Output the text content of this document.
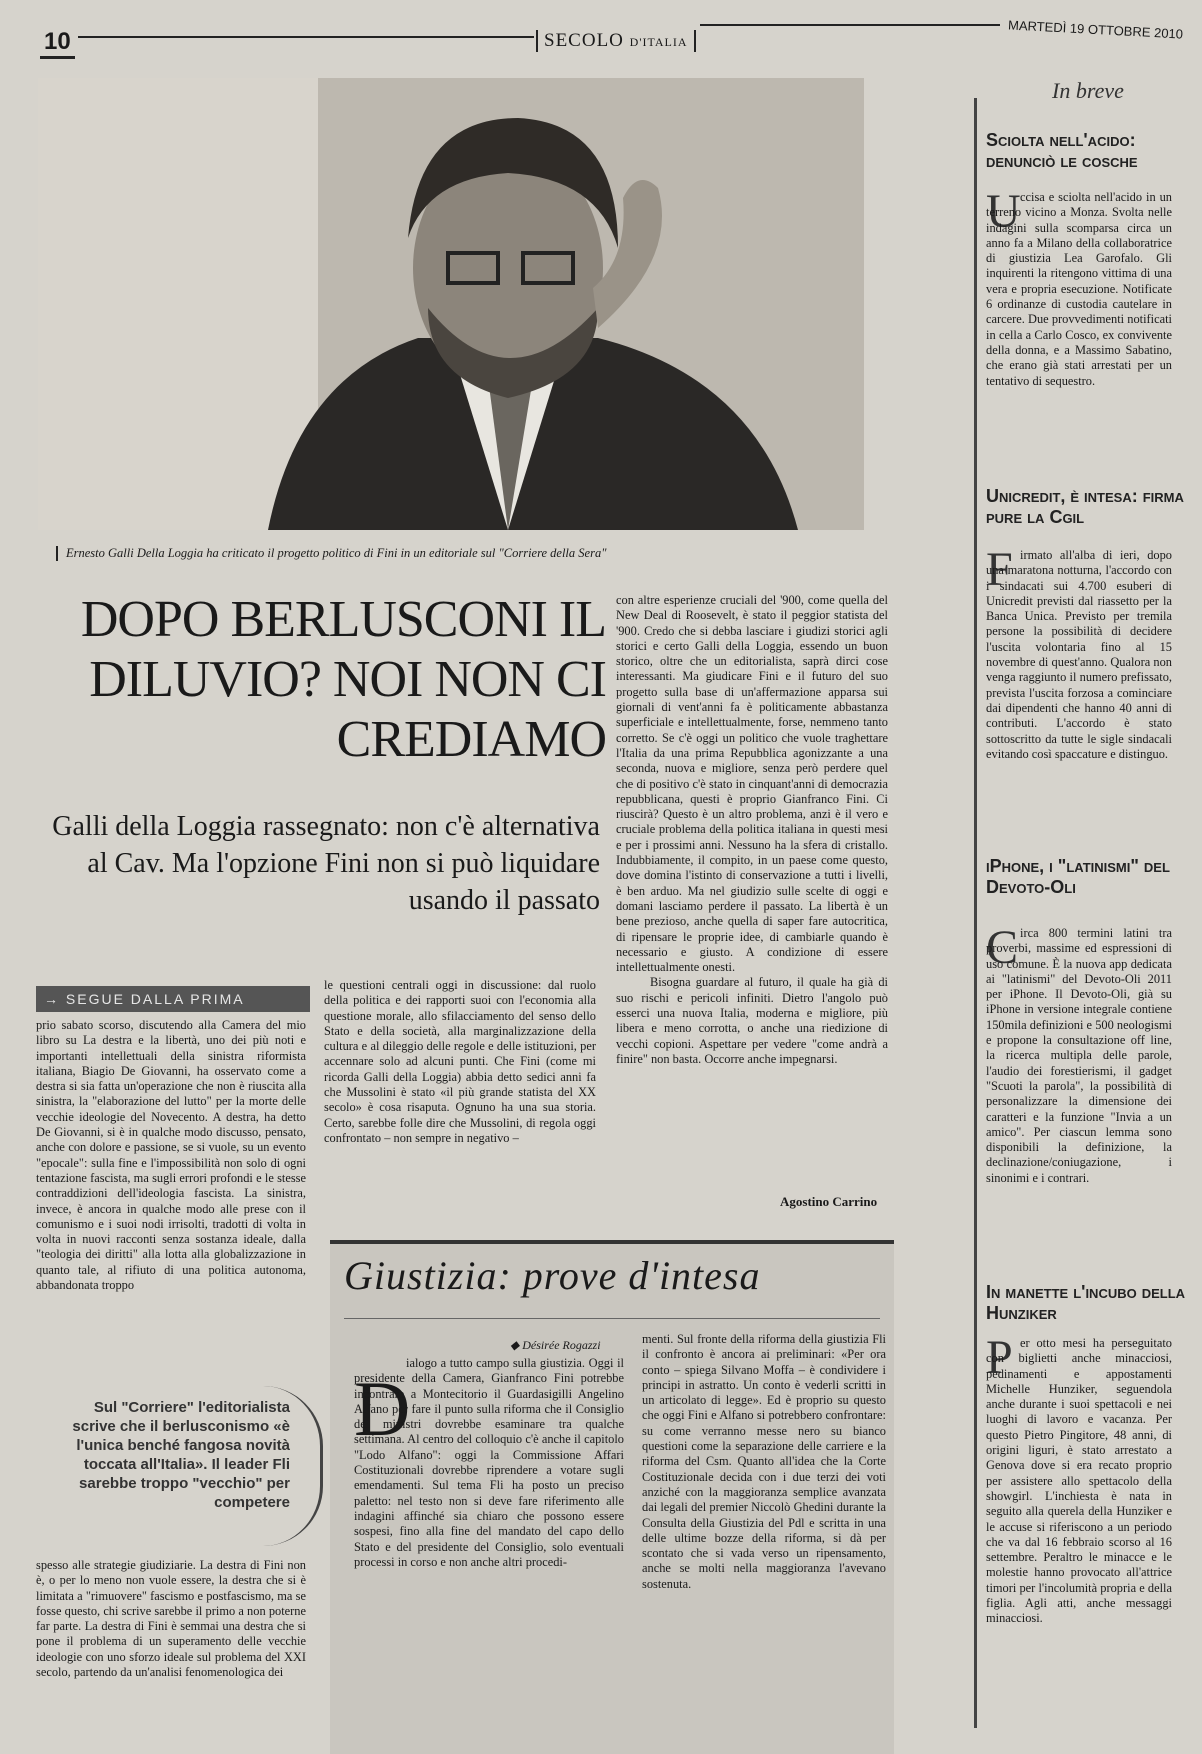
10	SECOLO D'ITALIA
MARTEDÌ 19 OTTOBRE 2010
Ernesto Galli Della Loggia ha criticato il progetto politico di Fini in un editoriale sul "Corriere della Sera"
DOPO BERLUSCONI IL DILUVIO? NOI NON CI CREDIAMO
Galli della Loggia rassegnato: non c'è alternativa al Cav. Ma l'opzione Fini non si può liquidare usando il passato
→ SEGUE DALLA PRIMA
prio sabato scorso, discutendo alla Camera del mio libro su La destra e la libertà, uno dei più noti e importanti intellettuali della sinistra riformista italiana, Biagio De Giovanni, ha osservato come a destra si sia fatta un'operazione che non è riuscita alla sinistra, la "elaborazione del lutto" per la morte delle vecchie ideologie del Novecento. A destra, ha detto De Giovanni, si è in qualche modo discusso, pensato, anche con dolore e passione, se si vuole, su un evento "epocale": sulla fine e l'impossibilità non solo di ogni tentazione fascista, ma sugli errori profondi e le stesse contraddizioni dell'ideologia fascista. La sinistra, invece, è ancora in qualche modo alle prese con il comunismo e i suoi nodi irrisolti, tradotti di volta in volta in nuovi racconti senza sostanza ideale, dalla "teologia dei diritti" alla lotta alla globalizzazione in quanto tale, al rifiuto di una politica autonoma, abbandonata troppo
Sul "Corriere" l'editorialista scrive che il berlusconismo «è l'unica benché fangosa novità toccata all'Italia». Il leader Fli sarebbe troppo "vecchio" per competere
spesso alle strategie giudiziarie. La destra di Fini non è, o per lo meno non vuole essere, la destra che si è limitata a "rimuovere" fascismo e postfascismo, ma se fosse questo, chi scrive sarebbe il primo a non poterne far parte. La destra di Fini è semmai una destra che si pone il problema di un superamento delle vecchie ideologie con uno sforzo ideale sul problema del XXI secolo, partendo da un'analisi fenomenologica dei
le questioni centrali oggi in discussione: dal ruolo della politica e dei rapporti suoi con l'economia alla questione morale, allo sfilacciamento del senso dello Stato e della società, alla marginalizzazione della cultura e al dileggio delle regole e delle istituzioni, per accennare solo ad alcuni punti. Che Fini (come mi ricorda Galli della Loggia) abbia detto sedici anni fa che Mussolini è stato «il più grande statista del XX secolo» è cosa risaputa. Ognuno ha una sua storia. Certo, sarebbe folle dire che Mussolini, di regola oggi confrontato – non sempre in negativo –
con altre esperienze cruciali del '900, come quella del New Deal di Roosevelt, è stato il peggior statista del '900. Credo che si debba lasciare i giudizi storici agli storici e certo Galli della Loggia, essendo un buon storico, oltre che un editorialista, saprà dirci cose interessanti. Ma giudicare Fini e il futuro del suo progetto sulla base di un'affermazione apparsa sui giornali di vent'anni fa è politicamente abbastanza superficiale e intellettualmente, forse, nemmeno tanto corretto. Se c'è oggi un politico che vuole traghettare l'Italia da una prima Repubblica agonizzante a una seconda, nuova e migliore, senza però perdere quel che di positivo c'è stato in cinquant'anni di democrazia repubblicana, questi è proprio Gianfranco Fini. Ci riuscirà? Questo è un altro problema, anzi è il vero e cruciale problema della politica italiana in questi mesi e per i prossimi anni. Nessuno ha la sfera di cristallo. Indubbiamente, il compito, in un paese come questo, dove domina l'istinto di conservazione a tutti i livelli, è ben arduo. Ma nel giudizio sulle scelte di oggi e domani lasciamo perdere il passato. La libertà è un bene prezioso, anche quella di saper fare autocritica, di ripensare le proprie idee, di cambiarle quando è necessario e giusto. A condizione di essere intellettualmente onesti.
Bisogna guardare al futuro, il quale ha già di suo rischi e pericoli infiniti. Dietro l'angolo può esserci una nuova Italia, moderna e migliore, più libera e meno corrotta, o anche una riedizione di vecchi copioni. Aspettare per vedere "come andrà a finire" non basta. Occorre anche impegnarsi.
Agostino Carrino
Giustizia: prove d'intesa
◆ Désirée Rogazzi
D
ialogo a tutto campo sulla giustizia. Oggi il presidente della Camera, Gianfranco Fini potrebbe incontrare a Montecitorio il Guardasigilli Angelino Alfano per fare il punto sulla riforma che il Consiglio dei ministri dovrebbe esaminare tra qualche settimana. Al centro del colloquio c'è anche il capitolo "Lodo Alfano": oggi la Commissione Affari Costituzionali dovrebbe riprendere a votare sugli emendamenti. Sul tema Fli ha posto un preciso paletto: nel testo non si deve fare riferimento alle indagini affinché sia chiaro che possono essere sospesi, fino alla fine del mandato del capo dello Stato e del presidente del Consiglio, solo eventuali processi in corso e non anche altri procedi-
menti. Sul fronte della riforma della giustizia Fli il confronto è ancora ai preliminari: «Per ora conto – spiega Silvano Moffa – è condividere i principi in astratto. Un conto è vederli scritti in un articolato di legge». Ed è proprio su questo che oggi Fini e Alfano si potrebbero confrontare: su come verranno messe nero su bianco questioni come la separazione delle carriere e la riforma del Csm. Quanto all'idea che la Corte Costituzionale decida con i due terzi dei voti anziché con la maggioranza semplice avanzata dai legali del premier Niccolò Ghedini durante la Consulta della Giustizia del Pdl e scritta in una delle ultime bozze della riforma, si dà per scontato che si vada verso un ripensamento, anche se molti nella maggioranza l'avevano sostenuta.
In breve
Sciolta nell'acido: denunciò le cosche
U ccisa e sciolta nell'acido in un terreno vicino a Monza. Svolta nelle indagini sulla scomparsa circa un anno fa a Milano della collaboratrice di giustizia Lea Garofalo. Gli inquirenti la ritengono vittima di una vera e propria esecuzione. Notificate 6 ordinanze di custodia cautelare in carcere. Due provvedimenti notificati in cella a Carlo Cosco, ex convivente della donna, e a Massimo Sabatino, che erano già stati arrestati per un tentativo di sequestro.
Unicredit, è intesa: firma pure la Cgil
F irmato all'alba di ieri, dopo una maratona notturna, l'accordo con i sindacati sui 4.700 esuberi di Unicredit previsti dal riassetto per la Banca Unica. Previsto per tremila persone la possibilità di decidere l'uscita volontaria fino al 15 novembre di quest'anno. Qualora non venga raggiunto il numero prefissato, prevista l'uscita forzosa a cominciare dai dipendenti che hanno 40 anni di contributi. L'accordo è stato sottoscritto da tutte le sigle sindacali evitando così spaccature e distinguo.
iPhone, i "latinismi" del Devoto-Oli
C irca 800 termini latini tra proverbi, massime ed espressioni di uso comune. È la nuova app dedicata ai "latinismi" del Devoto-Oli 2011 per iPhone. Il Devoto-Oli, già su iPhone in versione integrale contiene 150mila definizioni e 500 neologismi e propone la consultazione off line, la ricerca multipla delle parole, l'audio dei forestierismi, il gadget "Scuoti la parola", la possibilità di personalizzare la dimensione dei caratteri e la funzione "Invia a un amico". Per ciascun lemma sono disponibili la definizione, la declinazione/coniugazione, i sinonimi e i contrari.
In manette l'incubo della Hunziker
P er otto mesi ha perseguitato con biglietti anche minacciosi, pedinamenti e appostamenti Michelle Hunziker, seguendola anche durante i suoi spettacoli e nei luoghi di lavoro e vacanza. Per questo Pietro Pingitore, 48 anni, di origini liguri, è stato arrestato a Genova dove si era recato proprio per assistere allo spettacolo della showgirl. L'inchiesta è nata in seguito alla querela della Hunziker e le accuse si riferiscono a un periodo che va dal 16 febbraio scorso al 16 settembre. Peraltro le minacce e le molestie hanno provocato all'attrice timori per l'incolumità propria e della figlia. Agli atti, anche messaggi minacciosi.
